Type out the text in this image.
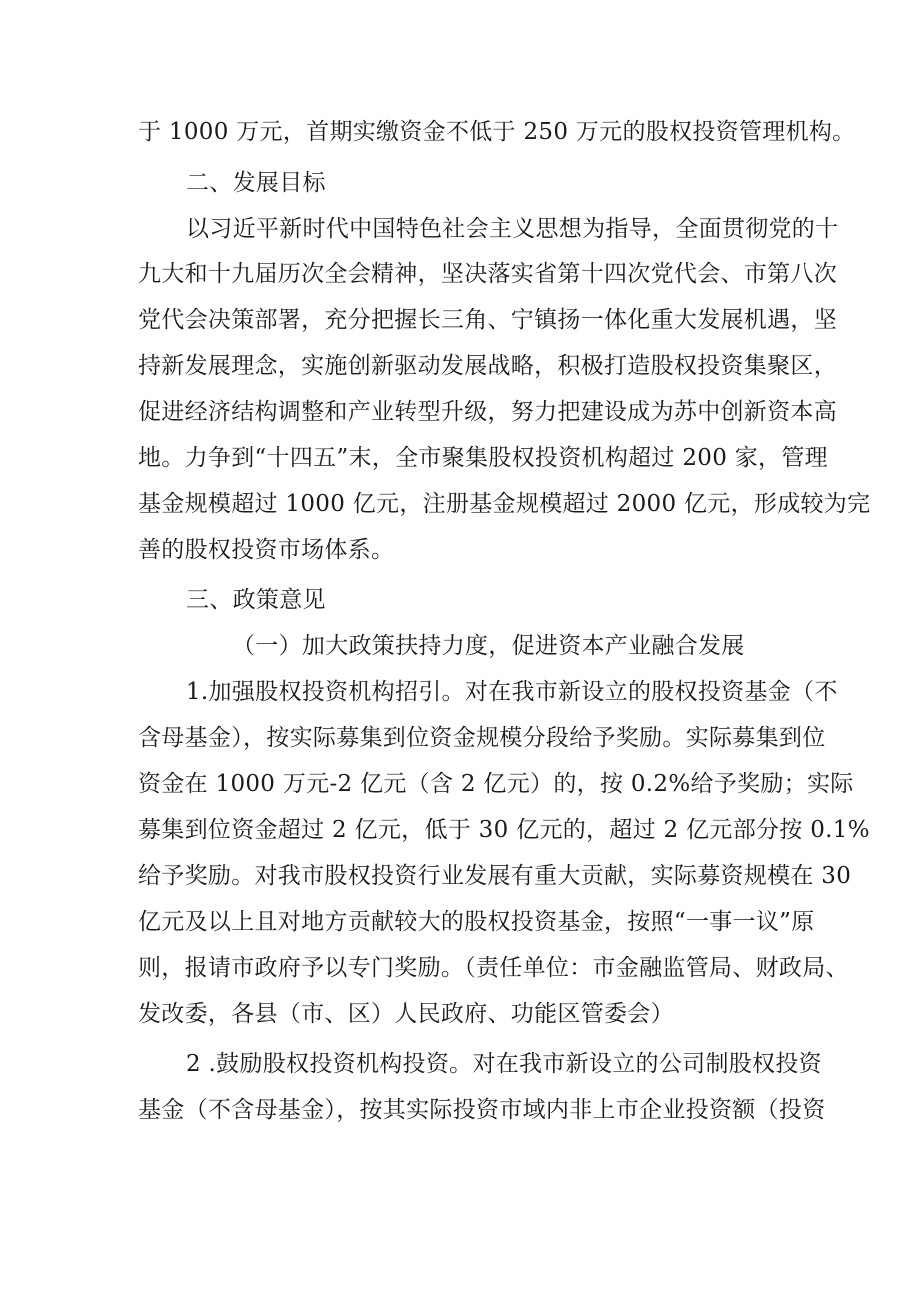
于 1000 万元，首期实缴资金不低于 250 万元的股权投资管理机构。
二、发展目标
以习近平新时代中国特色社会主义思想为指导，全面贯彻党的十
九大和十九届历次全会精神，坚决落实省第十四次党代会、市第八次
党代会决策部署，充分把握长三角、宁镇扬一体化重大发展机遇，坚
持新发展理念，实施创新驱动发展战略，积极打造股权投资集聚区，
促进经济结构调整和产业转型升级，努力把建设成为苏中创新资本高
地。力争到“十四五”末，全市聚集股权投资机构超过 200 家，管理
基金规模超过 1000 亿元，注册基金规模超过 2000 亿元，形成较为完
善的股权投资市场体系。
三、政策意见
（一）加大政策扶持力度，促进资本产业融合发展
1.加强股权投资机构招引。对在我市新设立的股权投资基金（不
含母基金），按实际募集到位资金规模分段给予奖励。实际募集到位
资金在 1000 万元-2 亿元（含 2 亿元）的，按 0.2%给予奖励；实际
募集到位资金超过 2 亿元，低于 30 亿元的，超过 2 亿元部分按 0.1%
给予奖励。对我市股权投资行业发展有重大贡献，实际募资规模在 30
亿元及以上且对地方贡献较大的股权投资基金，按照“一事一议”原
则，报请市政府予以专门奖励。（责任单位：市金融监管局、财政局、
发改委，各县（市、区）人民政府、功能区管委会）
2 .鼓励股权投资机构投资。对在我市新设立的公司制股权投资
基金（不含母基金），按其实际投资市域内非上市企业投资额（投资
